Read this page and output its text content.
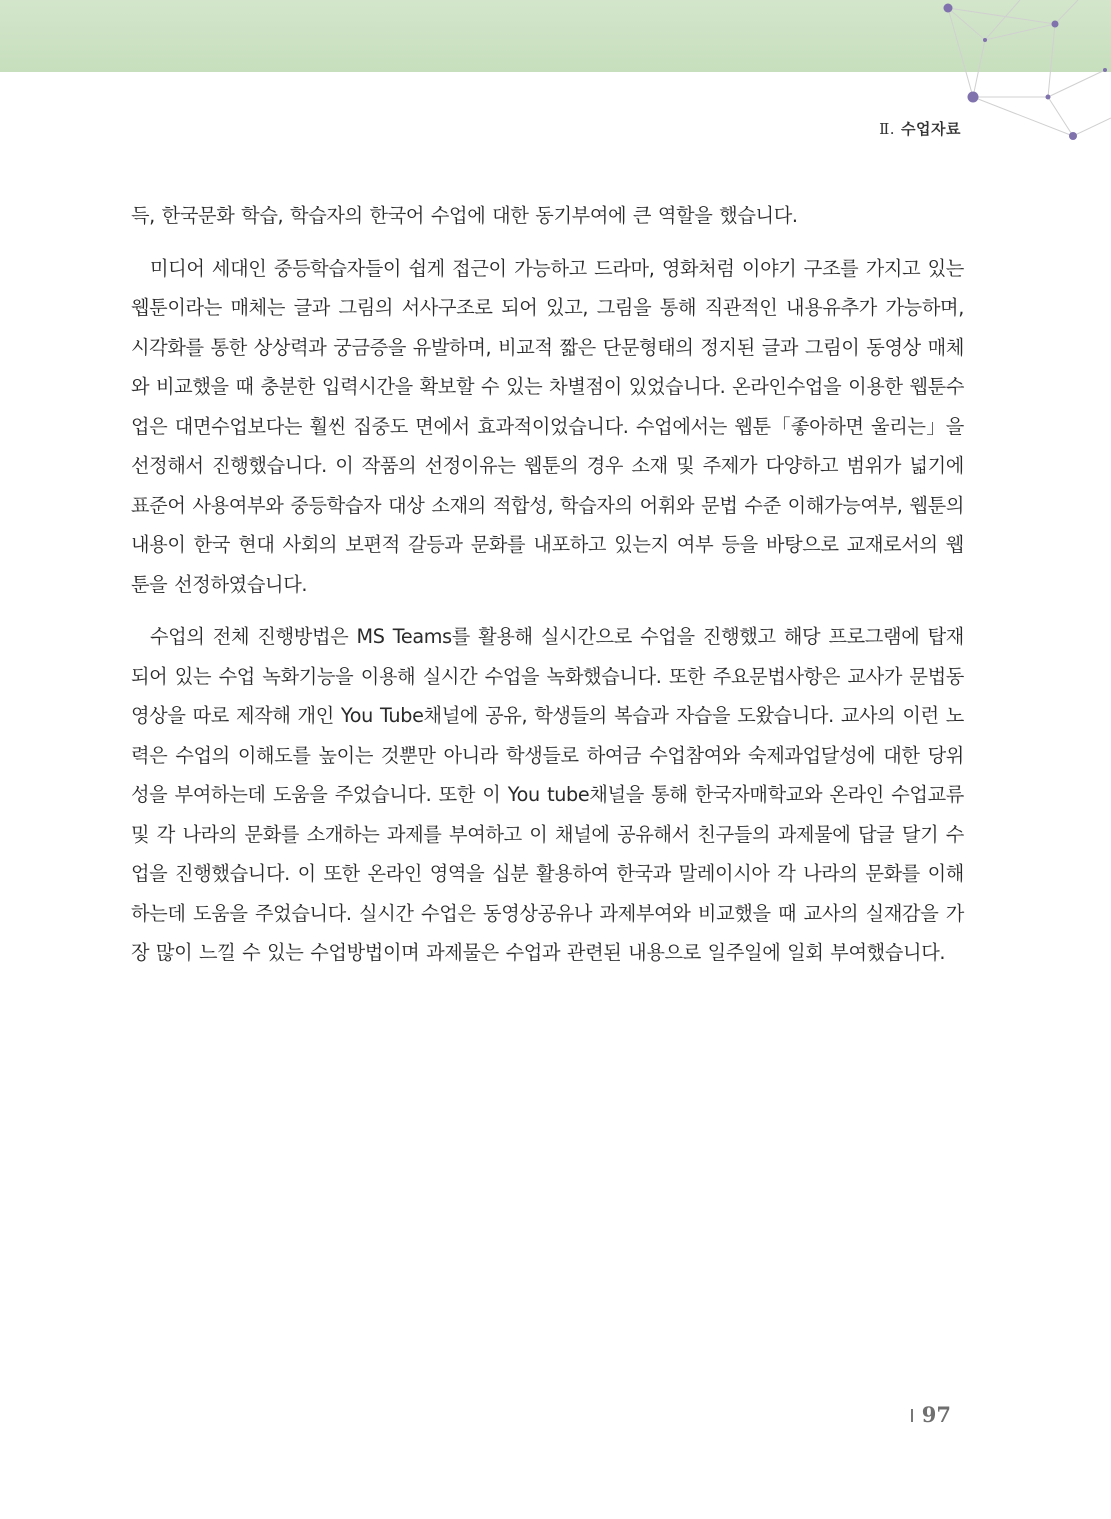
Ⅱ. 수업자료

득, 한국문화 학습, 학습자의 한국어 수업에 대한 동기부여에 큰 역할을 했습니다.

미디어 세대인 중등학습자들이 쉽게 접근이 가능하고 드라마, 영화처럼 이야기 구조를 가지고 있는 웹툰이라는 매체는 글과 그림의 서사구조로 되어 있고, 그림을 통해 직관적인 내용유추가 가능하며, 시각화를 통한 상상력과 궁금증을 유발하며, 비교적 짧은 단문형태의 정지된 글과 그림이 동영상 매체와 비교했을 때 충분한 입력시간을 확보할 수 있는 차별점이 있었습니다. 온라인수업을 이용한 웹툰수업은 대면수업보다는 훨씬 집중도 면에서 효과적이었습니다. 수업에서는 웹툰「좋아하면 울리는」을 선정해서 진행했습니다. 이 작품의 선정이유는 웹툰의 경우 소재 및 주제가 다양하고 범위가 넓기에 표준어 사용여부와 중등학습자 대상 소재의 적합성, 학습자의 어휘와 문법 수준 이해가능여부, 웹툰의 내용이 한국 현대 사회의 보편적 갈등과 문화를 내포하고 있는지 여부 등을 바탕으로 교재로서의 웹툰을 선정하였습니다.

수업의 전체 진행방법은 MS Teams를 활용해 실시간으로 수업을 진행했고 해당 프로그램에 탑재되어 있는 수업 녹화기능을 이용해 실시간 수업을 녹화했습니다. 또한 주요문법사항은 교사가 문법동영상을 따로 제작해 개인 You Tube채널에 공유, 학생들의 복습과 자습을 도왔습니다. 교사의 이런 노력은 수업의 이해도를 높이는 것뿐만 아니라 학생들로 하여금 수업참여와 숙제과업달성에 대한 당위성을 부여하는데 도움을 주었습니다. 또한 이 You tube채널을 통해 한국자매학교와 온라인 수업교류 및 각 나라의 문화를 소개하는 과제를 부여하고 이 채널에 공유해서 친구들의 과제물에 답글 달기 수업을 진행했습니다. 이 또한 온라인 영역을 십분 활용하여 한국과 말레이시아 각 나라의 문화를 이해하는데 도움을 주었습니다. 실시간 수업은 동영상공유나 과제부여와 비교했을 때 교사의 실재감을 가장 많이 느낄 수 있는 수업방법이며 과제물은 수업과 관련된 내용으로 일주일에 일회 부여했습니다.

97
